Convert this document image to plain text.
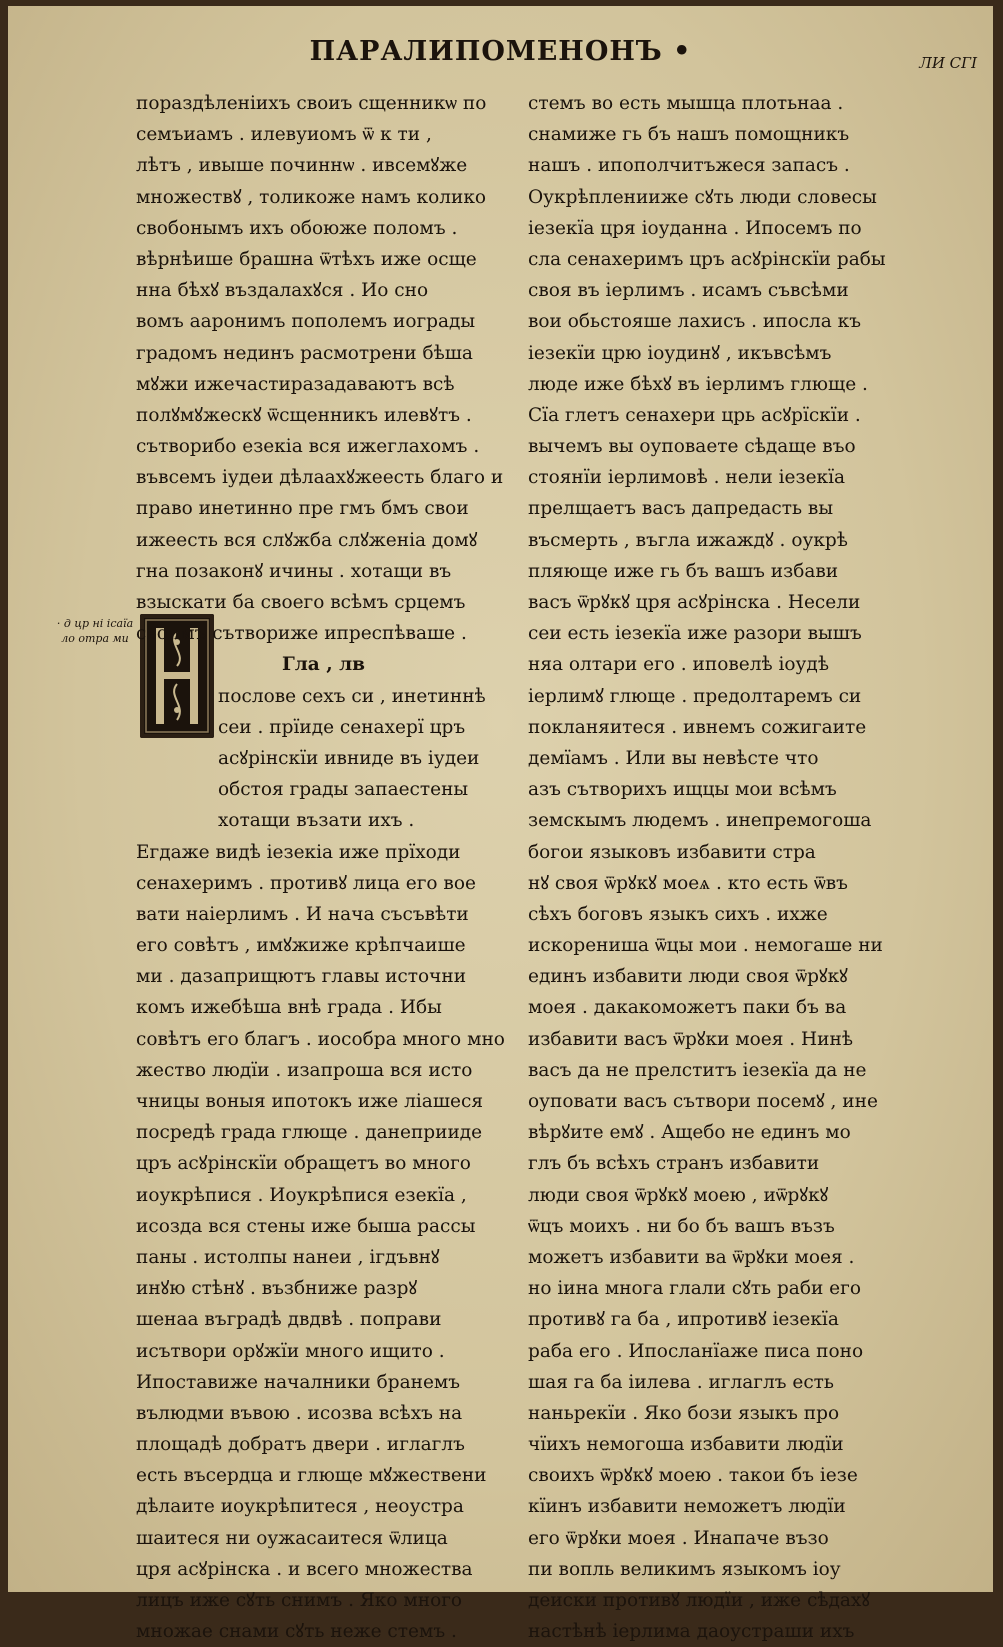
ПАРАЛИПОМЕНОНЪ •	ЛИ СГІ
· д цр ні ісаїа ло отра ми
пораздѣленіихъ своиъ сщенникѡ по
семъиамъ . илевуиомъ ѿ к ти ,
лѣтъ , ивыше починнѡ . ивсемꙋже
множествꙋ , толикоже намъ колико
свобонымъ ихъ обоюже поломъ .
вѣрнѣише брашна ѿтѣхъ иже осще
нна бѣхꙋ въздалахꙋся . Ио сно
вомъ ааронимъ пополемъ иограды
градомъ нединъ расмотрени бѣша
мꙋжи ижечастиразадаваютъ всѣ
полꙋмꙋжескꙋ ѿсщенникъ илевꙋтъ .
сътворибо езекіа вся ижеглахомъ .
въвсемъ іудеи дѣлаахꙋжеесть благо и
право инетинно пре гмъ бмъ свои
ижеесть вся слꙋжба слꙋженіа домꙋ
гна позаконꙋ ичины . хотащи въ
взыскати ба своего всѣмъ срцемъ
своимъ сътворижe ипреспѣваше .
Гла , лв
послове сехъ си , инетиннѣ
сеи . прїиде сенахерї цръ
асꙋрінскїи ивниде въ іудеи
обстоя грады запаестены
хотащи възати ихъ .
Егдаже видѣ іезекіа иже прїходи
сенахеримъ . противꙋ лица его вое
вати наіерлимъ . И нача съсъвѣти
его совѣтъ , имꙋжиже крѣпчаише
ми . дазаприщютъ главы источни
комъ ижебѣша внѣ града . Ибы
совѣтъ его благъ . иособра много мно
жество людїи . изапроша вся исто
чницы воныя ипотокъ иже ліашеся
посредѣ града глюще . данеприиде
цръ асꙋрінскїи обращетъ во много
иоукрѣпися . Иоукрѣпися езекїа ,
исозда вся стены иже быша рассы
паны . истолпы нанеи , ігдъвнꙋ
инꙋю стѣнꙋ . възбниже разрꙋ
шенаа въградѣ двдвѣ . поправи
исътвори орꙋжїи много ищито .
Ипоставиже началники бранемъ
вълюдми въвою . исозва всѣхъ на
площадѣ добратъ двери . иглаглъ
есть въсердца и глюще мꙋжествени
дѣлаите иоукрѣпитеся , неоустра
шаитеся ни оужасаитеся ѿлица
цря асꙋрінска . и всего множества
лицъ иже сꙋть снимъ . Яко много
множае снами сꙋть неже стемъ .
стемъ во есть мышца плотьнаа .
снамиже гь бъ нашъ помощникъ
нашъ . ипополчитъжеся запасъ .
Оукрѣпленииже сꙋть люди словесы
іезекїа цря іоуданна . Ипосемъ по
сла сенахеримъ цръ асꙋрінскїи рабы
своя въ іерлимъ . исамъ съвсѣми
вои обьстояше лахисъ . ипосла къ
іезекїи црю іоудинꙋ , икъвсѣмъ
люде иже бѣхꙋ въ іерлимъ глюще .
Сїа глетъ сенахери црь асꙋрїскїи .
вычемъ вы оуповаете сѣдаще въо
стоянїи іерлимовѣ . нели іезекїа
прелщаетъ васъ дапредасть вы
въсмерть , въгла ижаждꙋ . оукрѣ
пляюще иже гь бъ вашъ избави
васъ ѿрꙋкꙋ цря асꙋрінска . Несели
сеи есть іезекїа иже разори вышъ
няа олтари его . иповелѣ іоудѣ
іерлимꙋ глюще . предолтаремъ си
покланяитеся . ивнемъ сожигаите
демїамъ . Или вы невѣсте что
азъ сътворихъ ищцы мои всѣмъ
земскымъ людемъ . инепремогоша
богои языковъ избавити стра
нꙋ своя ѿрꙋкꙋ моеѧ . кто есть ѿвъ
сѣхъ боговъ языкъ сихъ . ихже
искорениша ѿцы мои . немогаше ни
единъ избавити люди своя ѿрꙋкꙋ
моея . дакакоможетъ паки бъ ва
избавити васъ ѿрꙋки моея . Нинѣ
васъ да не прелститъ іезекїа да не
оуповати васъ сътвори посемꙋ , ине
вѣрꙋите емꙋ . Ащебо не единъ мо
глъ бъ всѣхъ странъ избавити
люди своя ѿрꙋкꙋ моею , иѿрꙋкꙋ
ѿцъ моихъ . ни бо бъ вашъ възъ
можетъ избавити ва ѿрꙋки моея .
но іина многа глали сꙋть раби его
противꙋ га ба , ипротивꙋ іезекїа
раба его . Ипосланїаже писа поно
шая га ба іилева . иглаглъ есть
наньрекїи . Яко бози языкъ про
чїихъ немогоша избавити людїи
своихъ ѿрꙋкꙋ моею . такои бъ іезе
кїинъ избавити неможетъ людїи
его ѿрꙋки моея . Инапаче възо
пи вопль великимъ языкомъ іоу
деиски противꙋ людїи , иже сѣдахꙋ
настѣнѣ іерлима даоустраши ихъ
